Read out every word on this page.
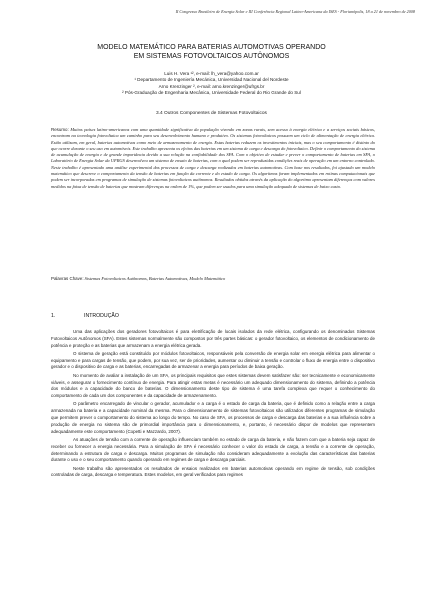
II Congresso Brasileiro de Energia Solar e III Conferência Regional Latino-Americana da ISES - Florianópolis, 18 a 21 de novembro de 2008
MODELO MATEMÁTICO PARA BATERIAS AUTOMOTIVAS OPERANDO
EM SISTEMAS FOTOVOLTAICOS AUTÔNOMOS
Luis H. Vera ¹², e-mail: lh_vera@yahoo.com.ar
¹ Departamento de Ingeniería Mecánica, Universidad Nacional del Nordeste
Arno Krenzinger ², e-mail: arno.krenzinger@ufrgs.br
² Pós-Graduação de Engenharia Mecânica, Universidade Federal do Rio Grande do Sul
3.4 Outros Componentes de Sistemas Fotovoltaicos
Resumo: Muitos países latino-americanos com uma quantidade significativa da população vivendo em zonas rurais, sem acesso à energia elétrica e a serviços sociais básicos, encontram na tecnologia fotovoltaica um caminho para seu desenvolvimento humano e produtivo. Os sistemas fotovoltaicos possuem um ciclo de alimentação de energia elétrica. Estão utilizam, em geral, baterias automotivas como meio de armazenamento de energia. Estas baterias reduzem os investimentos iniciais, mas o seu comportamento é distinto do que ocorre durante o seu uso em automóveis. Este trabalho apresenta os efeitos das baterias em um sistema de carga e descarga do fotovoltaico. Definir o comportamento do sistema de acumulação de energia e de grande importância devido a sua relação na confiabilidade dos SFA. Com o objetivo de estudar e prever o comportamento de baterias em SFA, o Laboratório de Energia Solar da UFRGS desenvolveu um sistema de ensaio de baterias, com o qual podem ser reproduzidas condições reais de operação em um entorno controlado. Neste trabalho é apresentado uma análise experimental dos processos de carga e descarga realizados em baterias automotivas. Com base nos resultados, foi ajustado um modelo matemático que descreve o comportamento da tensão de baterias em função da corrente e do estado de carga. Os algoritmos foram implementados em rotinas computacionais que podem ser incorporadas em programas de simulação de sistemas fotovoltaicos autônomos. Resultados obtidos através da aplicação do algoritmo apresentam diferenças com valores medidos na faixa de tensão de baterias que mostram diferenças na ordem de 1%, que podem ser usados para uma simulação adequada de sistemas de baixo custo.
Palavras Chave: Sistemas Fotovoltaicos Autônomos, Baterias Automotivas, Modelo Matemático
1.	INTRODUÇÃO

Uma das aplicações dos geradores fotovoltaicos é para eletrificação de locais isolados da rede elétrica, configurando os denominados Sistemas Fotovoltaicos Autônomos (SFA). Estes sistemas normalmente são compostos por três partes básicas: o gerador fotovoltaico, os elementos de condicionamento de potência e proteção e as baterias que armazenam a energia elétrica gerada.

O sistema de geração está constituído por módulos fotovoltaicos, responsáveis pela conversão de energia solar em energia elétrica para alimentar o equipamento e para cargas de tensão, que podem, por sua vez, ser de prioridades, aumentar ou diminuir a tensão e controlar o fluxo de energia entre o dispositivo gerador e o dispositivo de carga e as baterias, encarregadas de armazenar a energia para períodos de baixa geração.

No momento de avaliar a instalação de um SFA, os principais requisitos que estes sistemas devem satisfazer são: ser tecnicamente e economicamente viáveis, e assegurar o fornecimento contínuo de energia. Para atingir estas metas é necessário um adequado dimensionamento do sistema, definindo a potência dos módulos e a capacidade do banco de baterias. O dimensionamento deste tipo de sistema é uma tarefa complexa que requer o conhecimento do comportamento de cada um dos componentes e da capacidade de armazenamento.

O parâmetro encarregado de vincular o gerador, acumulador e a carga é o estado de carga da bateria, que é definido como a relação entre a carga armazenada na bateria e a capacidade nominal da mesma. Para o dimensionamento de sistemas fotovoltaicos são utilizados diferentes programas de simulação que permitem prever o comportamento do sistema ao longo do tempo. No caso de SFA, os processos de carga e descarga das baterias e a sua influência sobre a produção de energia no sistema são de primordial importância para o dimensionamento, e, portanto, é necessário dispor de modelos que representem adequadamente este comportamento (Copetti e Mazzardo, 2007).

As atuações de tensão com a corrente de operação influenciam também no estado de carga da bateria, e não fazem com que a bateria seja capaz de receber ou fornecer a energia necessária. Para a simulação de SFA é necessário conhecer o valor do estado de carga, a tensão e a corrente de operação, determinando a estrutura de carga e descarga. Muitos programas de simulação não consideram adequadamente a evolução das características das baterias durante o uso e o seu comportamento quando operando em regimes de carga e descarga parciais.

Neste trabalho são apresentados os resultados de ensaios realizados em baterias automotivas operando em regime de tensão, sob condições controladas de carga, descarga e temperatura. Estes modelos, em geral verificados para regimes
